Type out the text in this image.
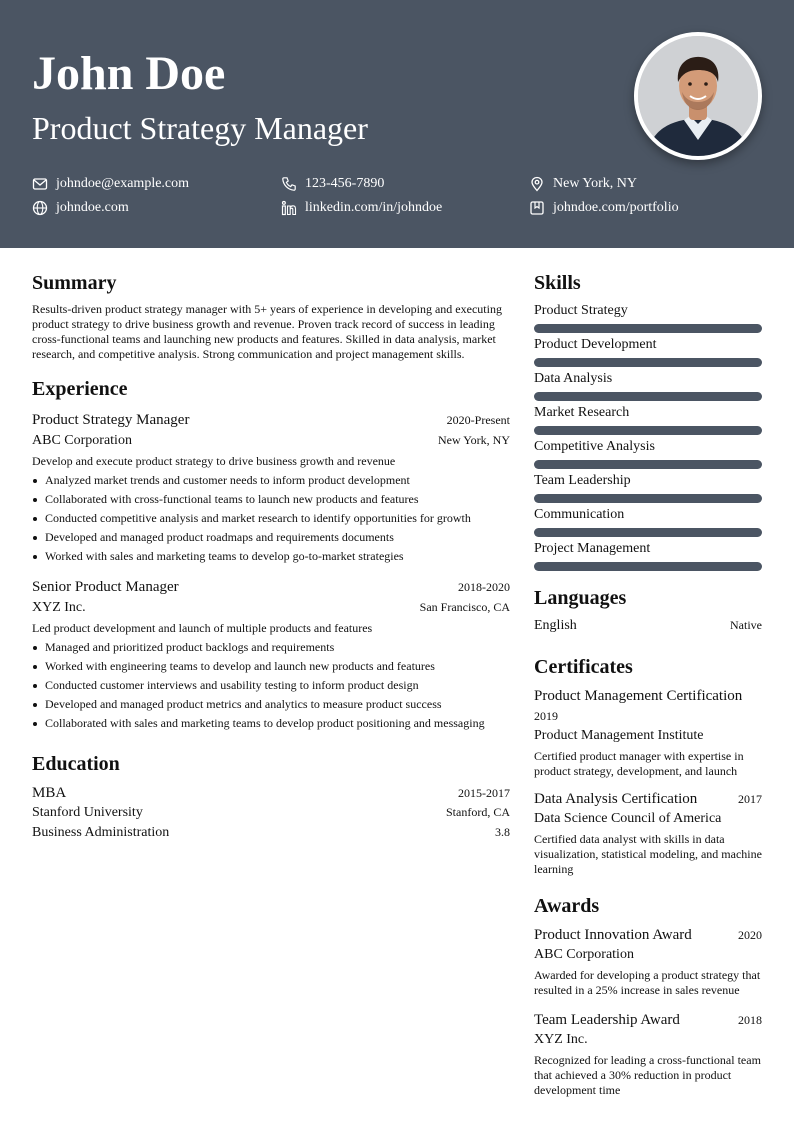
John Doe
Product Strategy Manager
johndoe@example.com	123-456-7890	New York, NY
johndoe.com	linkedin.com/in/johndoe	johndoe.com/portfolio
Summary
Results-driven product strategy manager with 5+ years of experience in developing and executing product strategy to drive business growth and revenue. Proven track record of success in leading cross-functional teams and launching new products and features. Skilled in data analysis, market research, and competitive analysis. Strong communication and project management skills.
Experience
Product Strategy Manager	2020-Present
ABC Corporation	New York, NY
Develop and execute product strategy to drive business growth and revenue
Analyzed market trends and customer needs to inform product development
Collaborated with cross-functional teams to launch new products and features
Conducted competitive analysis and market research to identify opportunities for growth
Developed and managed product roadmaps and requirements documents
Worked with sales and marketing teams to develop go-to-market strategies
Senior Product Manager	2018-2020
XYZ Inc.	San Francisco, CA
Led product development and launch of multiple products and features
Managed and prioritized product backlogs and requirements
Worked with engineering teams to develop and launch new products and features
Conducted customer interviews and usability testing to inform product design
Developed and managed product metrics and analytics to measure product success
Collaborated with sales and marketing teams to develop product positioning and messaging
Education
MBA	2015-2017
Stanford University	Stanford, CA
Business Administration	3.8
Skills
Product Strategy
Product Development
Data Analysis
Market Research
Competitive Analysis
Team Leadership
Communication
Project Management
Languages
English	Native
Certificates
Product Management Certification
2019
Product Management Institute
Certified product manager with expertise in product strategy, development, and launch
Data Analysis Certification	2017
Data Science Council of America
Certified data analyst with skills in data visualization, statistical modeling, and machine learning
Awards
Product Innovation Award	2020
ABC Corporation
Awarded for developing a product strategy that resulted in a 25% increase in sales revenue
Team Leadership Award	2018
XYZ Inc.
Recognized for leading a cross-functional team that achieved a 30% reduction in product development time
